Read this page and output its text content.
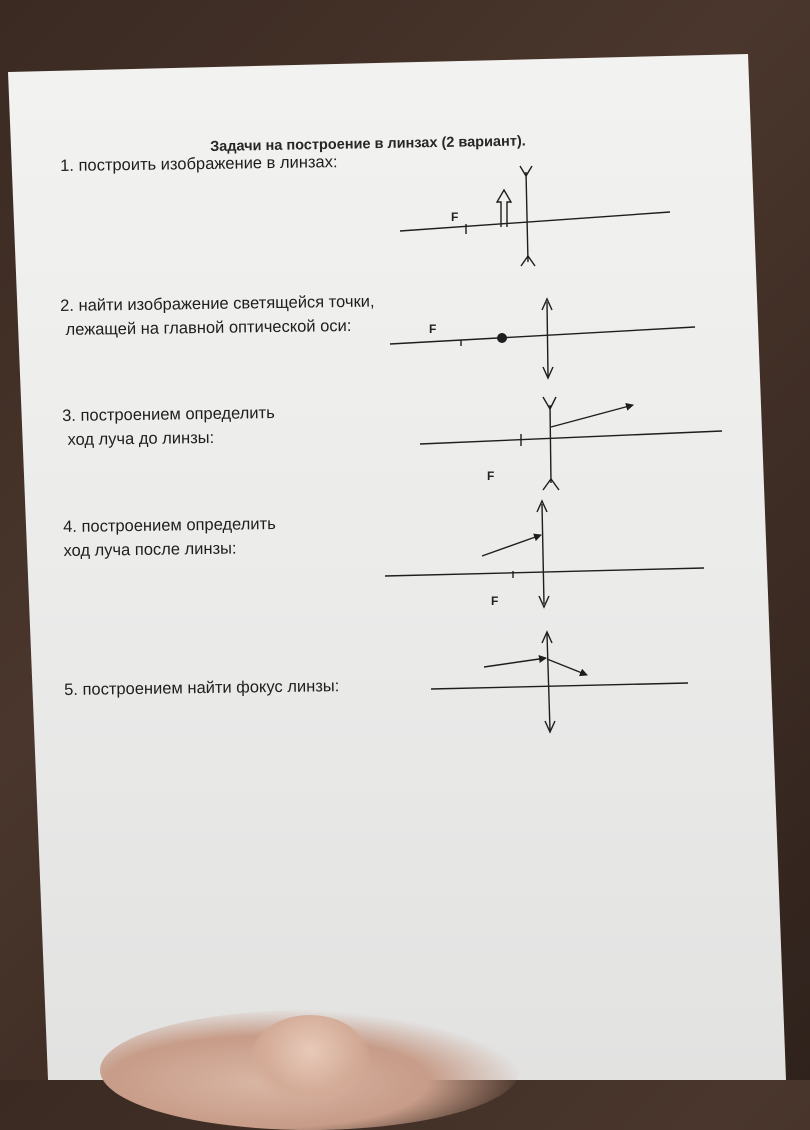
Задачи на построение в линзах (2 вариант).

1. построить изображение в линзах:

2. найти изображение светящейся точки,
лежащей на главной оптической оси:

3. построением определить
ход луча до линзы:

4. построением определить
ход луча после линзы:

5. построением найти фокус линзы:

F
F
F
F
